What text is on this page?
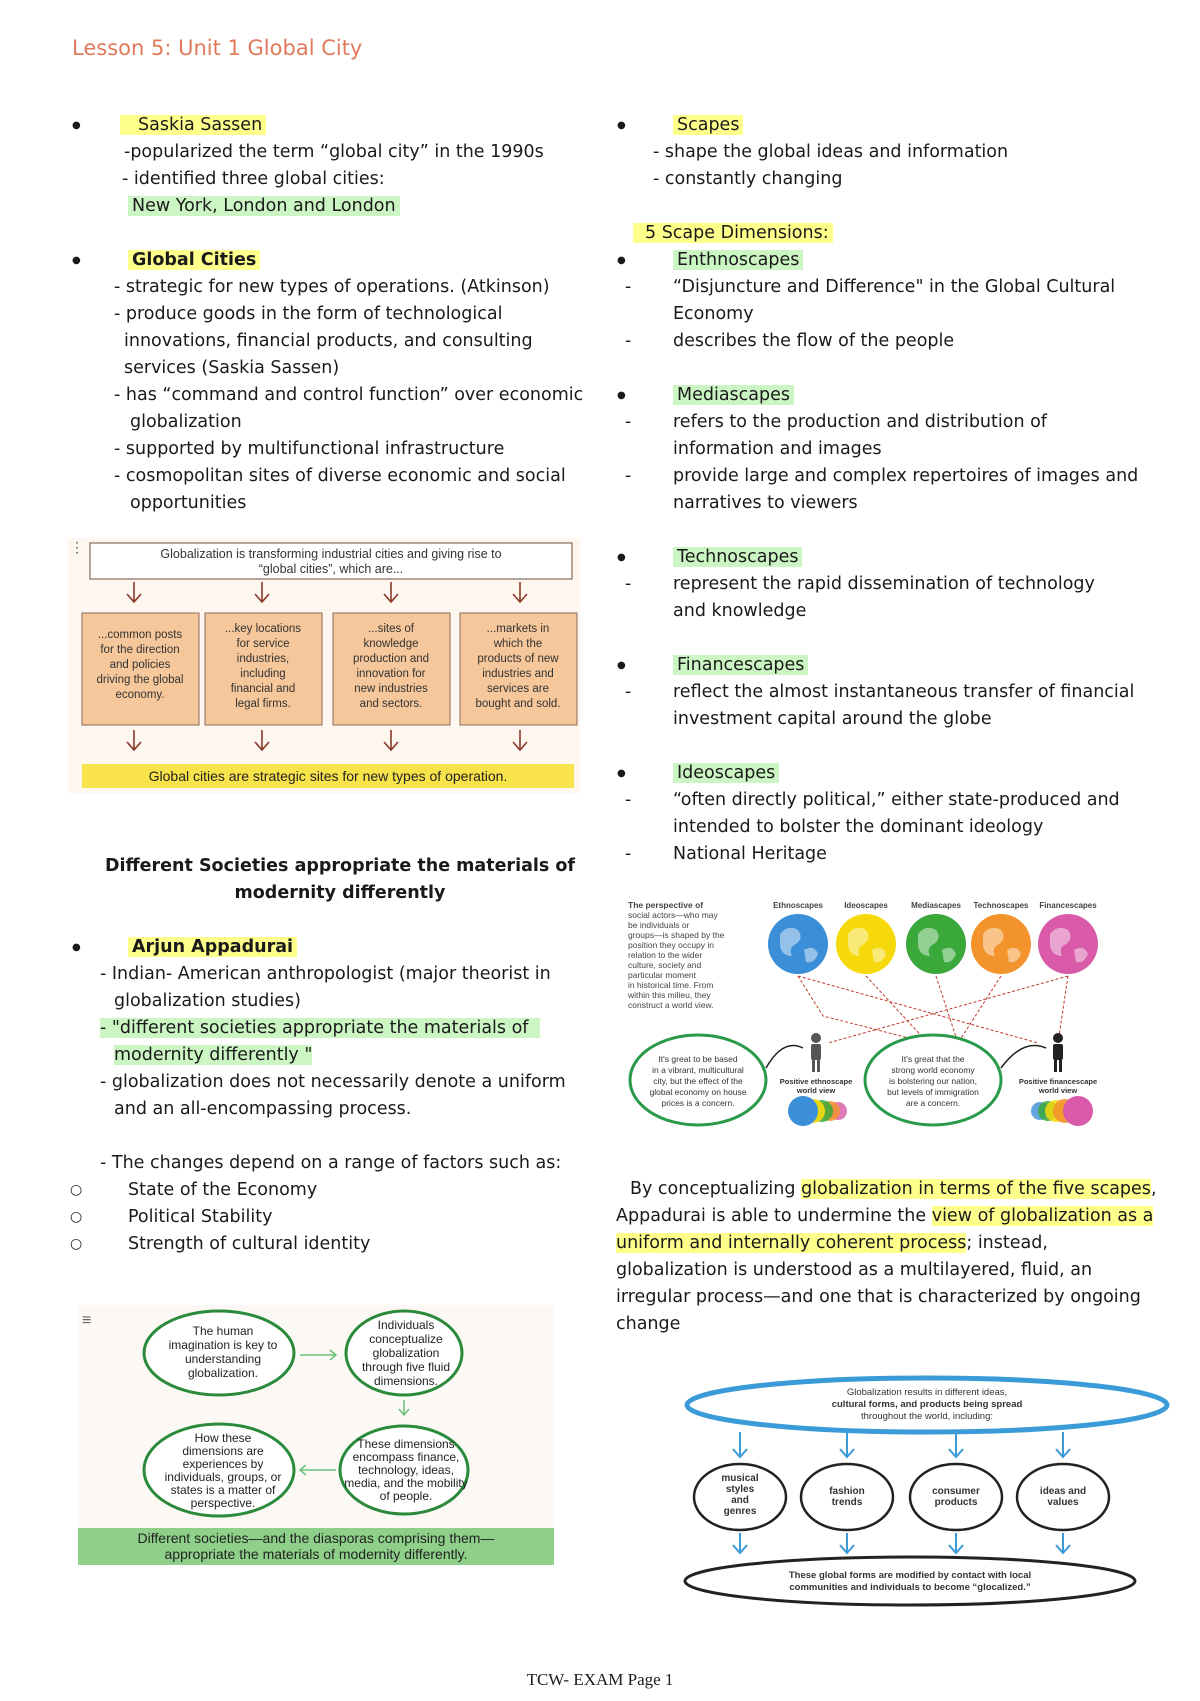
Lesson 5: Unit 1 Global City
Saskia Sassen
-popularized the term “global city” in the 1990s
- identified three global cities:
New York, London and London
Global Cities
- strategic for new types of operations. (Atkinson)
- produce goods in the form of technological
innovations, financial products, and consulting
services (Saskia Sassen)
- has “command and control function” over economic
globalization
- supported by multifunctional infrastructure
- cosmopolitan sites of diverse economic and social
opportunities
⋮	Globalization is transforming industrial cities and giving rise to
“global cities”, which are...
...common posts
for the direction
and policies
driving the global
economy.
...key locations
for service
industries,
including
financial and
legal firms.
...sites of
knowledge
production and
innovation for
new industries
and sectors.
...markets in
which the
products of new
industries and
services are
bought and sold.
Global cities are strategic sites for new types of operation.
Different Societies appropriate the materials of
modernity differently
Arjun Appadurai
- Indian- American anthropologist (major theorist in
globalization studies)
- "different societies appropriate the materials of
modernity differently "
- globalization does not necessarily denote a uniform
and an all-encompassing process.
- The changes depend on a range of factors such as:
State of the Economy
Political Stability
Strength of cultural identity
≡
The human
imagination is key to
understanding
globalization.
Individuals
conceptualize
globalization
through five fluid
dimensions.
How these
dimensions are
experiences by
individuals, groups, or
states is a matter of
perspective.
These dimensions
encompass finance,
technology, ideas,
media, and the mobility
of people.
Different societies—and the diasporas comprising them—
appropriate the materials of modernity differently.
Scapes
- shape the global ideas and information
- constantly changing
5 Scape Dimensions:
Enthnoscapes
“Disjuncture and Difference" in the Global Cultural
Economy
describes the flow of the people
Mediascapes
refers to the production and distribution of
information and images
provide large and complex repertoires of images and
narratives to viewers
Technoscapes
represent the rapid dissemination of technology
and knowledge
Financescapes
reflect the almost instantaneous transfer of financial
investment capital around the globe
Ideoscapes
“often directly political,” either state-produced and
intended to bolster the dominant ideology
National Heritage
The perspective of
social actors—who may
be individuals or
groups—is shaped by the
position they occupy in
relation to the wider
culture, society and
particular moment
in historical time. From
within this milieu, they
construct a world view.
Ethnoscapes	Ideoscapes	Mediascapes Technoscapes Financescapes
It's great to be based
in a vibrant, multicultural
city, but the effect of the
global economy on house
prices is a concern.
It's great that the
strong world economy
is bolstering our nation,
but levels of immigration
are a concern.
Positive ethnoscape
world view
Positive financescape
world view
By conceptualizing globalization in terms of the five scapes,
Appadurai is able to undermine the view of globalization as a
uniform and internally coherent process; instead,
globalization is understood as a multilayered, fluid, an
irregular process—and one that is characterized by ongoing
change
Globalization results in different ideas,
cultural forms, and products being spread
throughout the world, including:
musical
styles
and
genres
fashion
trends
consumer
products
ideas and
values
These global forms are modified by contact with local
communities and individuals to become “glocalized.”
TCW- EXAM Page 1
